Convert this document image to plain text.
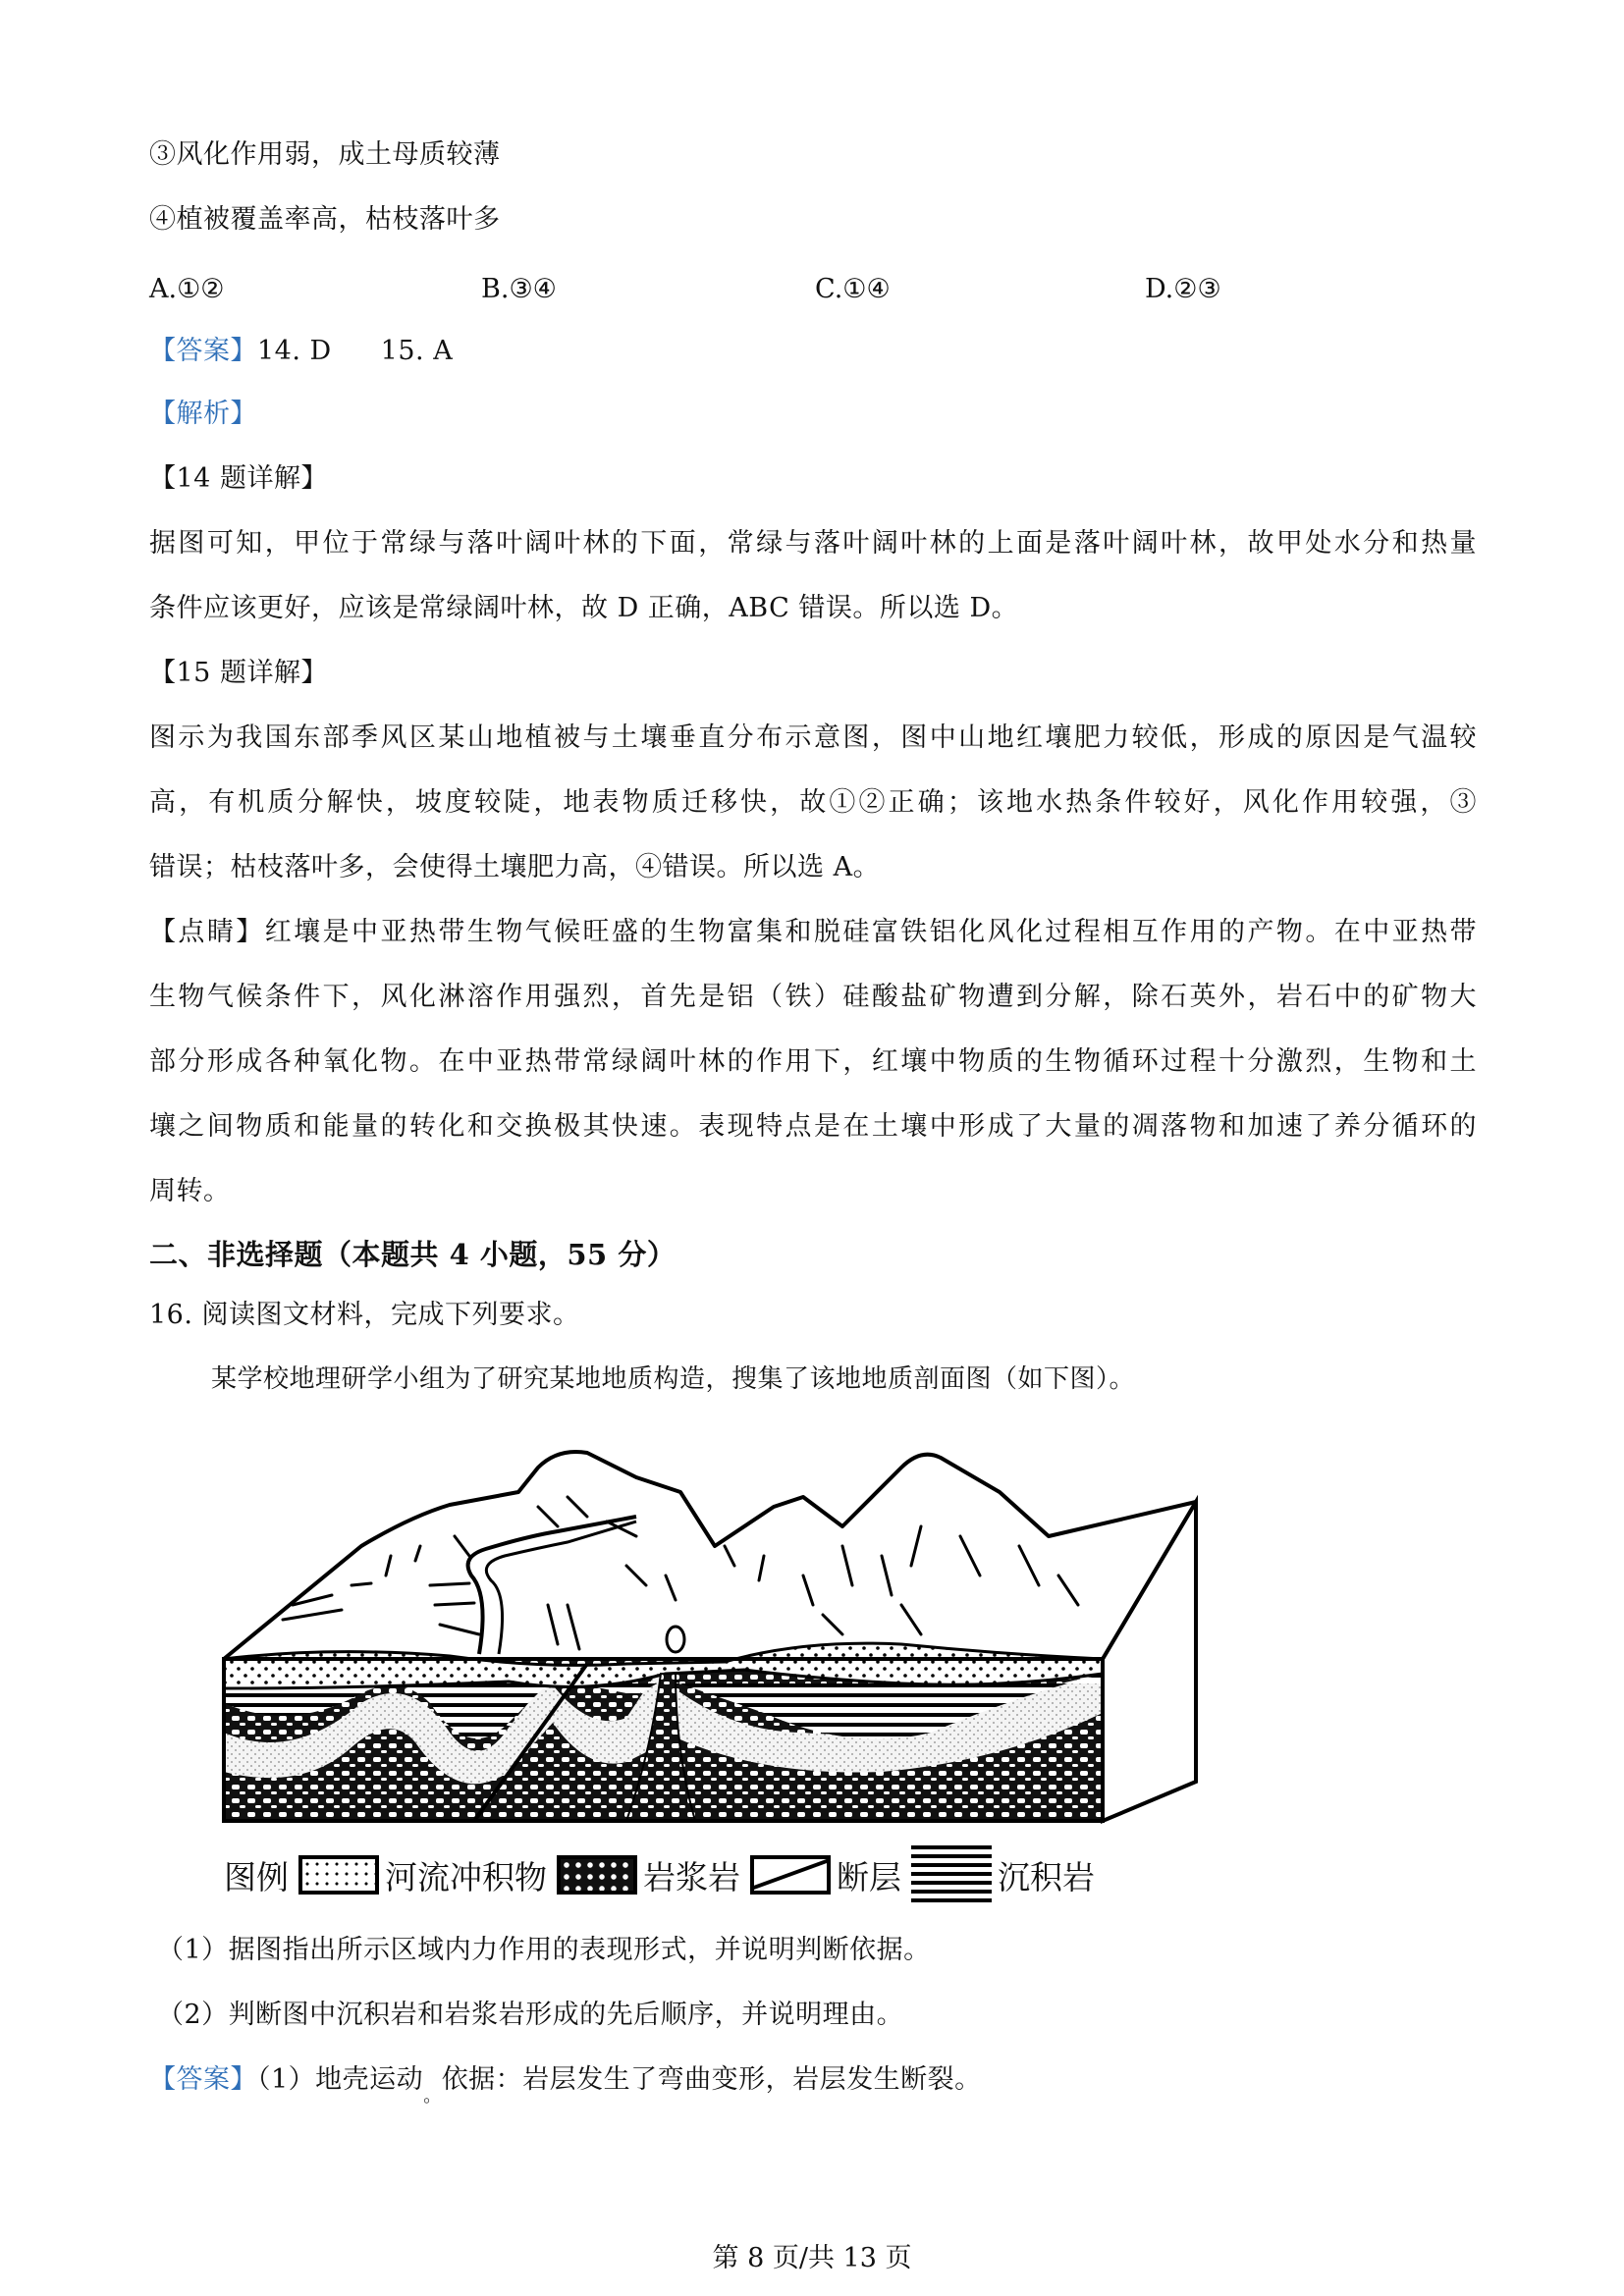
③风化作用弱，成土母质较薄
④植被覆盖率高，枯枝落叶多
A.①②	B.③④	C.①④	D.②③
【答案】14. D 15. A
【解析】
【14 题详解】
据图可知，甲位于常绿与落叶阔叶林的下面，常绿与落叶阔叶林的上面是落叶阔叶林，故甲处水分和热量
条件应该更好，应该是常绿阔叶林，故 D 正确，ABC 错误。所以选 D。
【15 题详解】
图示为我国东部季风区某山地植被与土壤垂直分布示意图，图中山地红壤肥力较低，形成的原因是气温较
高，有机质分解快，坡度较陡，地表物质迁移快，故①②正确；该地水热条件较好，风化作用较强，③
错误；枯枝落叶多，会使得土壤肥力高，④错误。所以选 A。
【点睛】红壤是中亚热带生物气候旺盛的生物富集和脱硅富铁铝化风化过程相互作用的产物。在中亚热带
生物气候条件下，风化淋溶作用强烈，首先是铝（铁）硅酸盐矿物遭到分解，除石英外，岩石中的矿物大
部分形成各种氧化物。在中亚热带常绿阔叶林的作用下，红壤中物质的生物循环过程十分激烈，生物和土
壤之间物质和能量的转化和交换极其快速。表现特点是在土壤中形成了大量的凋落物和加速了养分循环的
周转。
二、非选择题（本题共 4 小题，55 分）
16. 阅读图文材料，完成下列要求。
某学校地理研学小组为了研究某地地质构造，搜集了该地地质剖面图（如下图）。
图例	河流冲积物	岩浆岩	断层	沉积岩
（1）据图指出所示区域内力作用的表现形式，并说明判断依据。
（2）判断图中沉积岩和岩浆岩形成的先后顺序，并说明理由。
【答案】（1）地壳运动$_。$依据：岩层发生了弯曲变形，岩层发生断裂。
第 8 页/共 13 页
